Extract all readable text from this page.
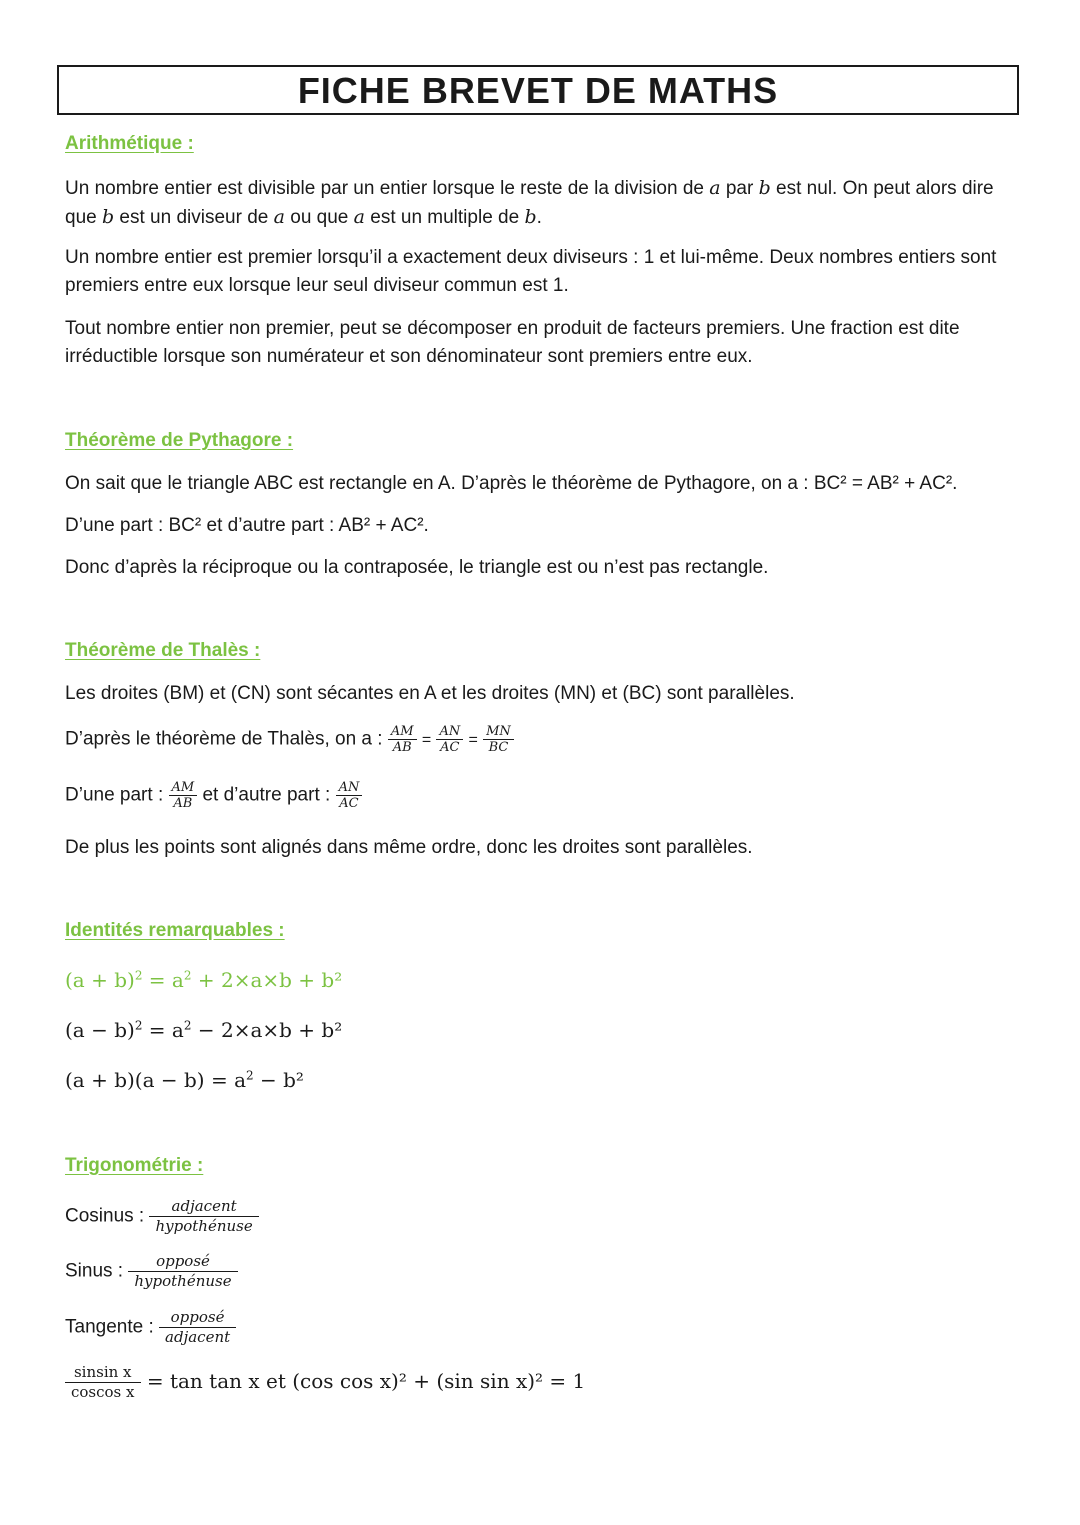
FICHE BREVET DE MATHS
Arithmétique :

Un nombre entier est divisible par un entier lorsque le reste de la division de a par b est nul. On peut alors dire que b est un diviseur de a ou que a est un multiple de b.

Un nombre entier est premier lorsqu’il a exactement deux diviseurs : 1 et lui-même. Deux nombres entiers sont premiers entre eux lorsque leur seul diviseur commun est 1.

Tout nombre entier non premier, peut se décomposer en produit de facteurs premiers. Une fraction est dite irréductible lorsque son numérateur et son dénominateur sont premiers entre eux.

Théorème de Pythagore :
On sait que le triangle ABC est rectangle en A. D’après le théorème de Pythagore, on a : BC² = AB² + AC².
D’une part : BC² et d’autre part : AB² + AC².
Donc d’après la réciproque ou la contraposée, le triangle est ou n’est pas rectangle.
Théorème de Thalès :
Les droites (BM) et (CN) sont sécantes en A et les droites (MN) et (BC) sont parallèles.
D’après le théorème de Thalès, on a : $\frac{AM}{AB} = \frac{AN}{AC} = \frac{MN}{BC}$
D’une part : $\frac{AM}{AB}$ et d’autre part : $\frac{AN}{AC}$
De plus les points sont alignés dans même ordre, donc les droites sont parallèles.
Identités remarquables :
$(a + b)^2 = a^2 + 2\times a\times b + b^2$
$(a - b)^2 = a^2 - 2\times a\times b + b^2$
$(a + b)(a - b) = a^2 - b^2$
Trigonométrie :
Cosinus : $\frac{\text{adjacent}}{\text{hypothénuse}}$
Sinus : $\frac{\text{opposé}}{\text{hypothénuse}}$
Tangente : $\frac{\text{opposé}}{\text{adjacent}}$
$\frac{\text{sinsin x}}{\text{coscos x}} = \tan \tan x$ et (cos cos x)² + (sin sin x)² = 1
